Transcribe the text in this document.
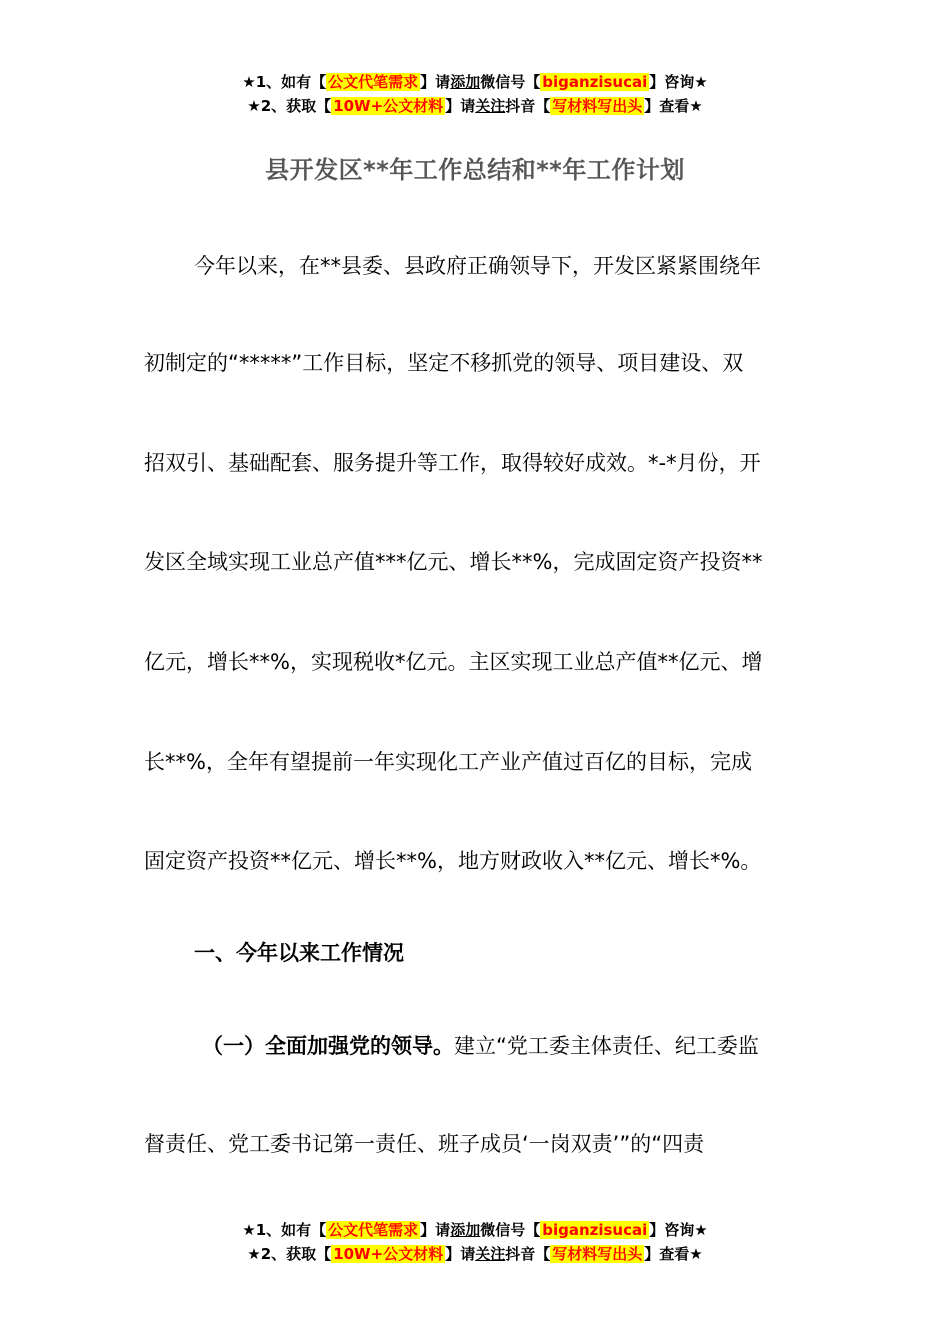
★1、如有【 公文代笔需求 】请添加微信号【 biganzisucai 】咨询★
★2、获取【 10W+公文材料 】请关注抖音【 写材料写出头 】查看★
县开发区**年工作总结和**年工作计划
今年以来，在**县委、县政府正确领导下，开发区紧紧围绕年
初制定的“*****”工作目标，坚定不移抓党的领导、项目建设、双
招双引、基础配套、服务提升等工作，取得较好成效。*-*月份，开
发区全域实现工业总产值***亿元、增长**%，完成固定资产投资**
亿元，增长**%，实现税收*亿元。主区实现工业总产值**亿元、增
长**%，全年有望提前一年实现化工产业产值过百亿的目标，完成
固定资产投资**亿元、增长**%，地方财政收入**亿元、增长*%。
一、今年以来工作情况
（一）全面加强党的领导。建立“党工委主体责任、纪工委监
督责任、党工委书记第一责任、班子成员‘一岗双责’”的“四责
★1、如有【 公文代笔需求 】请添加微信号【 biganzisucai 】咨询★
★2、获取【 10W+公文材料 】请关注抖音【 写材料写出头 】查看★
